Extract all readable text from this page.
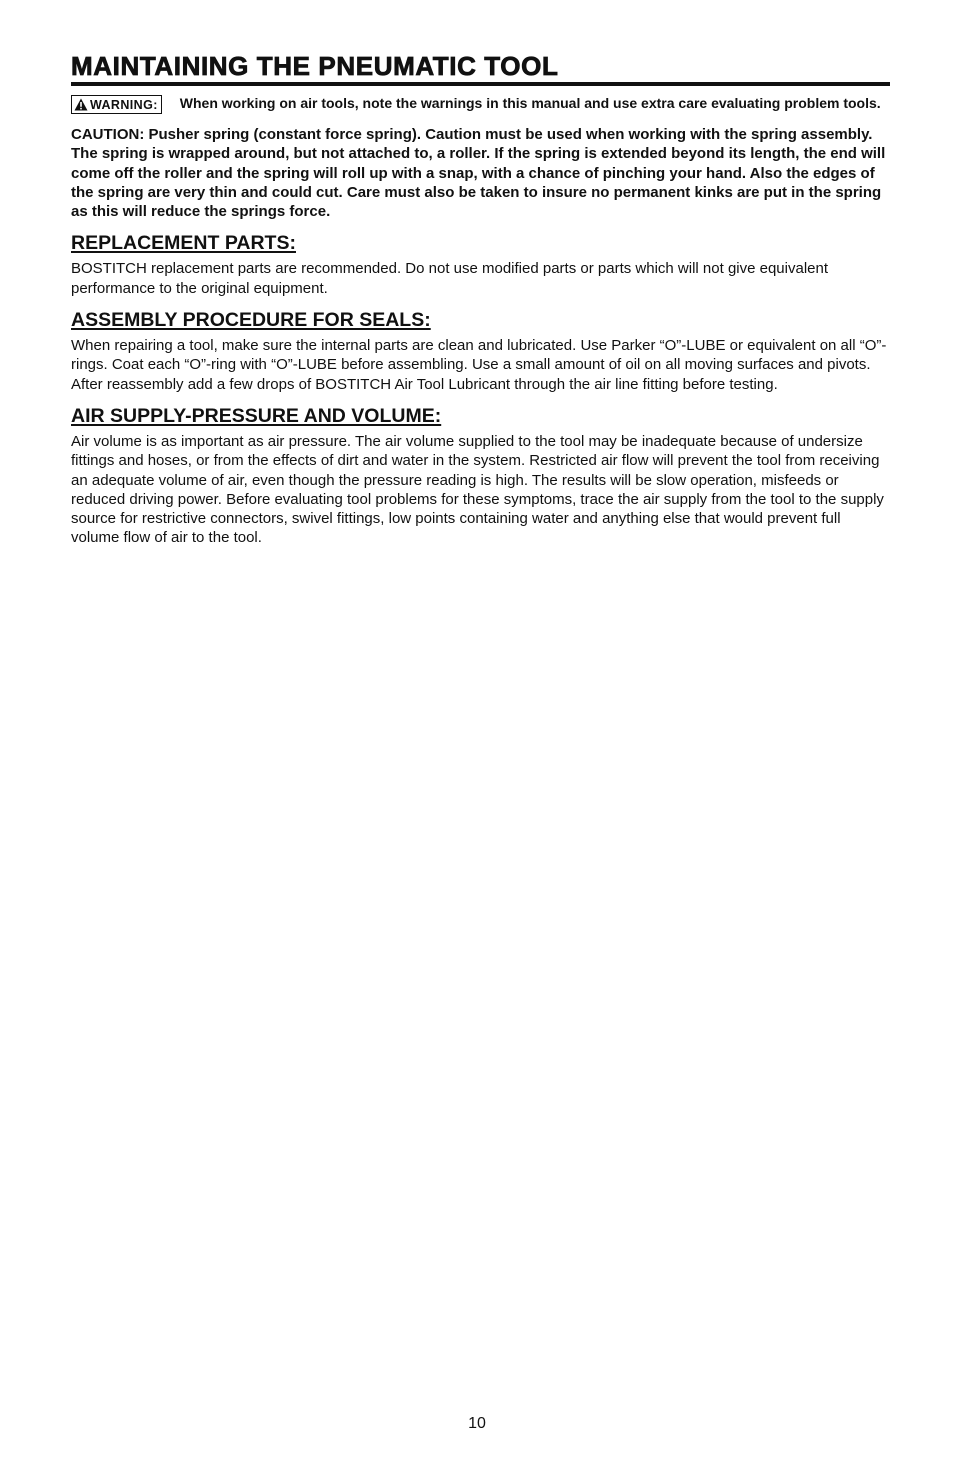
MAINTAINING THE PNEUMATIC TOOL
WARNING: When working on air tools, note the warnings in this manual and use extra care evaluating problem tools.

CAUTION: Pusher spring (constant force spring). Caution must be used when working with the spring assembly. The spring is wrapped around, but not attached to, a roller. If the spring is extended beyond its length, the end will come off the roller and the spring will roll up with a snap, with a chance of pinching your hand. Also the edges of the spring are very thin and could cut. Care must also be taken to insure no permanent kinks are put in the spring as this will reduce the springs force.

REPLACEMENT PARTS:

BOSTITCH replacement parts are recommended. Do not use modified parts or parts which will not give equivalent performance to the original equipment.

ASSEMBLY PROCEDURE FOR SEALS:

When repairing a tool, make sure the internal parts are clean and lubricated. Use Parker “O”-LUBE or equivalent on all “O”-rings. Coat each “O”-ring with “O”-LUBE before assembling. Use a small amount of oil on all moving surfaces and pivots. After reassembly add a few drops of BOSTITCH Air Tool Lubricant through the air line fitting before testing.

AIR SUPPLY-PRESSURE AND VOLUME:

Air volume is as important as air pressure. The air volume supplied to the tool may be inadequate because of undersize fittings and hoses, or from the effects of dirt and water in the system. Restricted air flow will prevent the tool from receiving an adequate volume of air, even though the pressure reading is high. The results will be slow operation, misfeeds or reduced driving power. Before evaluating tool problems for these symptoms, trace the air supply from the tool to the supply source for restrictive connectors, swivel fittings, low points containing water and anything else that would prevent full volume flow of air to the tool.

10
